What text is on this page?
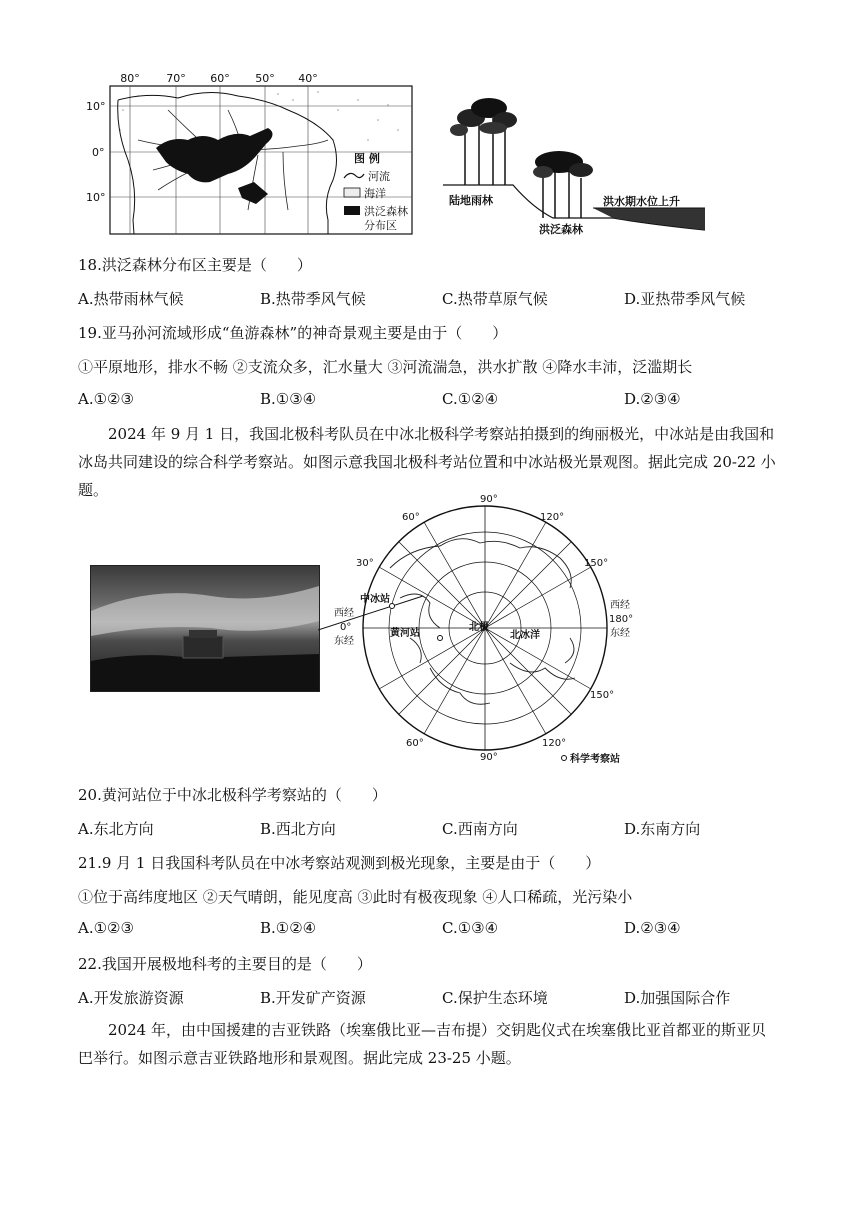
80° 70° 60° 50° 40°
10°
0°
10°
图 例
河流
海洋
洪泛森林
分布区
陆地雨林
洪泛森林
洪水期水位上升
18.洪泛森林分布区主要是（　　）
A.热带雨林气候	B.热带季风气候	C.热带草原气候	D.亚热带季风气候
19.亚马孙河流域形成“鱼游森林”的神奇景观主要是由于（　　）
①平原地形，排水不畅 ②支流众多，汇水量大 ③河流湍急，洪水扩散 ④降水丰沛，泛滥期长
A.①②③	B.①③④	C.①②④	D.②③④

2024 年 9 月 1 日，我国北极科考队员在中冰北极科学考察站拍摄到的绚丽极光，中冰站是由我国和冰岛共同建设的综合科学考察站。如图示意我国北极科考站位置和中冰站极光景观图。据此完成 20-22 小题。

90°
120°
60°
150°
30°
西经
0°
东经
西经
180°
东经
150°
120°
90°
60°
中冰站
黄河站
北极
北冰洋
科学考察站
20.黄河站位于中冰北极科学考察站的（　　）
A.东北方向	B.西北方向	C.西南方向	D.东南方向
21.9 月 1 日我国科考队员在中冰考察站观测到极光现象，主要是由于（　　）
①位于高纬度地区 ②天气晴朗，能见度高 ③此时有极夜现象 ④人口稀疏，光污染小
A.①②③	B.①②④	C.①③④	D.②③④
22.我国开展极地科考的主要目的是（　　）
A.开发旅游资源	B.开发矿产资源	C.保护生态环境	D.加强国际合作

2024 年，由中国援建的吉亚铁路（埃塞俄比亚—吉布提）交钥匙仪式在埃塞俄比亚首都亚的斯亚贝巴举行。如图示意吉亚铁路地形和景观图。据此完成 23-25 小题。
